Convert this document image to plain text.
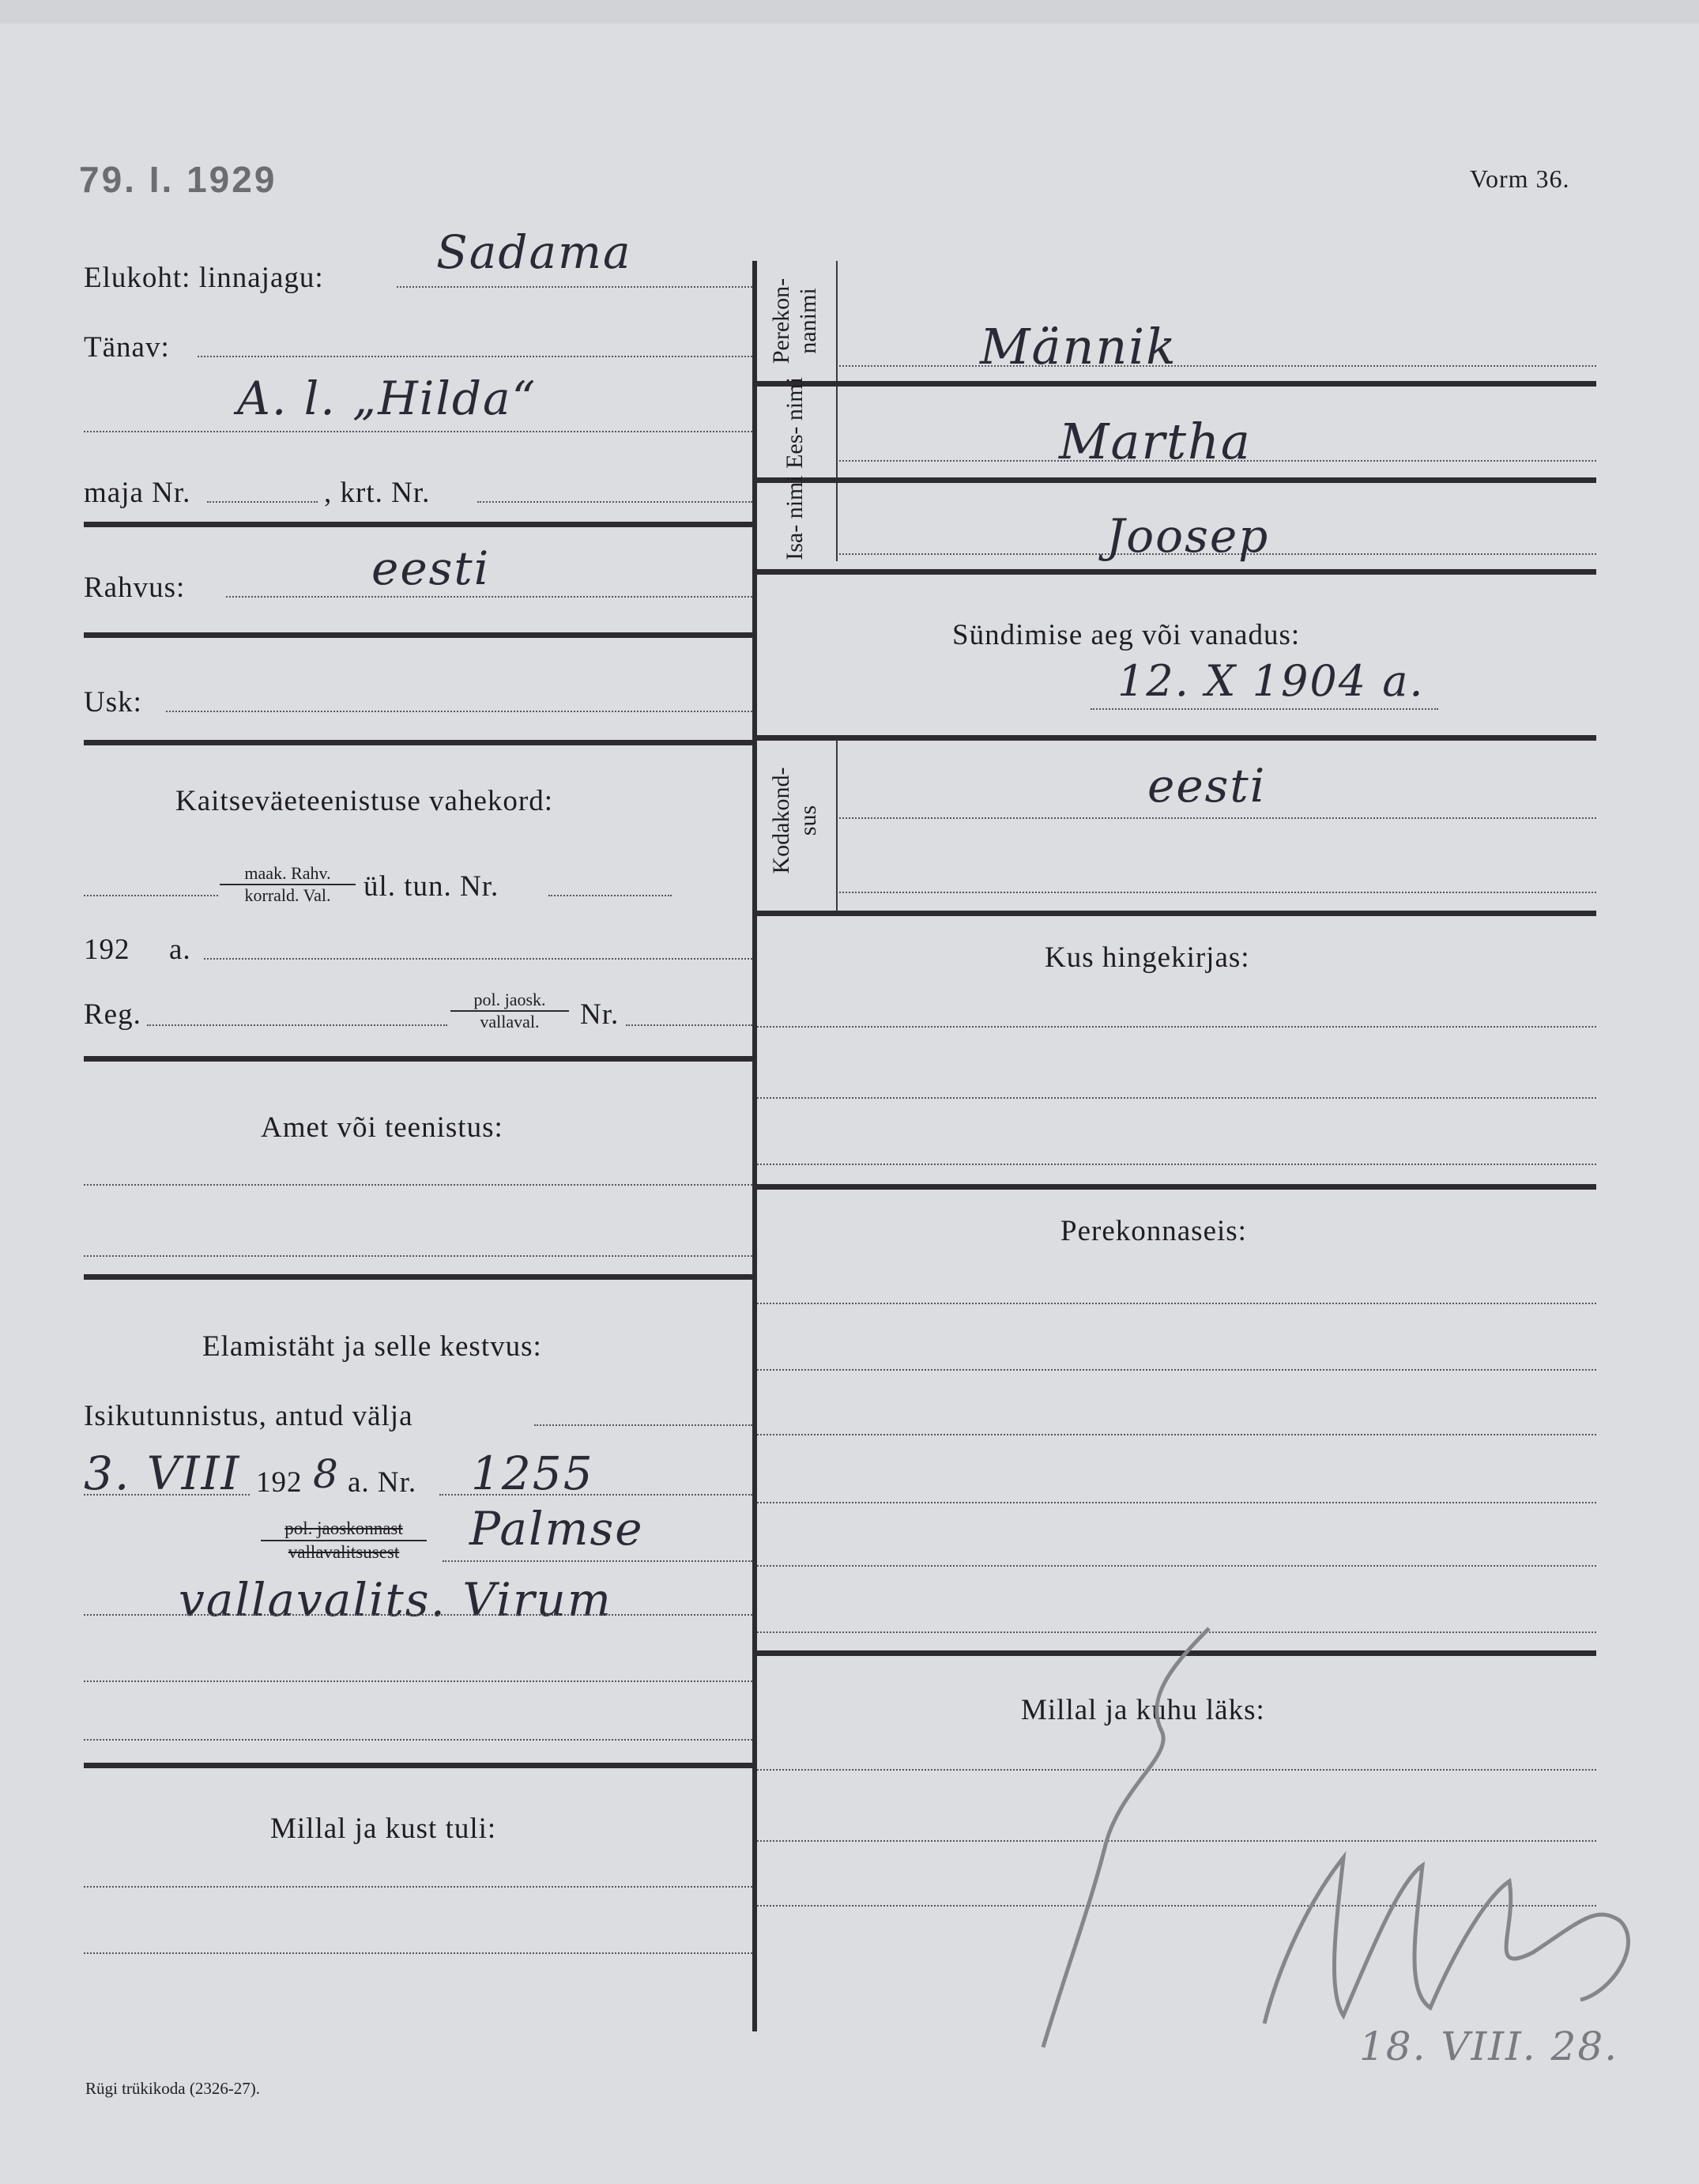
79. I. 1929	Vorm 36.
Elukoht: linnajagu: Sadama
Tänav:
A. l. „Hilda“
maja Nr.	, krt. Nr.
Rahvus:	eesti
Usk:
Kaitseväeteenistuse vahekord:
maak. Rahv.
korrald. Val.	ül. tun. Nr.
192 a.
Reg.	pol. jaosk.
vallaval.	Nr.
Amet või teenistus:
Elamistäht ja selle kestvus:
Isikutunnistus, antud välja
3. VIII 192 8 a. Nr. 1255
pol. jaoskonnast
vallavalitsusest	Palmse
vallavalits. Virum
Millal ja kust tuli:
Rügi trükikoda (2326-27).
Perekon- nanimi	Männik
Ees- nimi	Martha
Isa- nimi	Joosep
Sündimise aeg või vanadus:
12. X 1904 a.
Kodakond- sus
eesti
Kus hingekirjas:
Perekonnaseis:
Millal ja kuhu läks:
18. VIII. 28.
